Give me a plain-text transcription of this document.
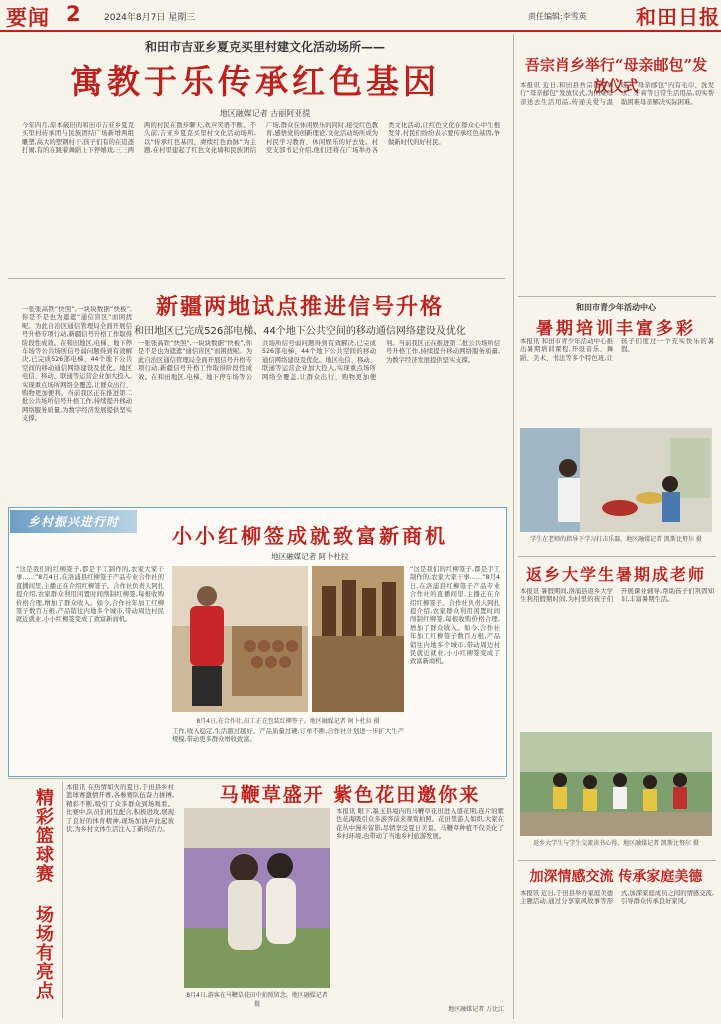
要闻 2	2024年8月7日 星期三	责任编辑:李雪英 和田日报
和田市吉亚乡夏克买里村建文化活动场所——
寓教于乐传承红色基因
地区融媒记者 古丽阿亚提
今年四月,原本破旧的和田市吉亚乡夏克买里村传承团与民族团结广场新增两组雕塑,高大的塑钢村干,孩子们有的在追逐打闹,有的在跳着舞蹈上下停嬉戏,三三两两的村民在散步聊天,欢声笑语不断。不久前,吉亚乡夏克买里村文化活动场所,以“传承红色基因、赓续红色血脉”为主题,在村里建起了红色文化墙和民族团结广场,群众在休闲娱乐的同时,接受红色教育,感悟党的创新理论,文化活动场所成为村民学习教育、休闲娱乐的好去处。村党支部书记介绍,他们还将在广场举办各类文化活动,让红色文化在群众心中生根发芽,村民们纷纷表示要传承红色基因,争做新时代的好村民。
新疆两地试点推进信号升格
和田地区已完成526部电梯、44个地下公共空间的移动通信网络建设及优化
一张张高铁“快照”,一块块数据“快板”,你是不是也为遮遮“通信盲区”而困扰呢。为此自治区通信管理局全面开展信号升格专项行动,新疆信号升格工作取得阶段性成效。在和田地区,电梯、地下停车场等公共场所信号弱问题得到有效解决,已完成526部电梯、44个地下公共空间的移动通信网络建设及优化。地区电信、移动、联通等运营企业加大投入,实现重点场所网络全覆盖,让群众出行、购物更加便利。当前我区正在推进第二批公共场所信号升格工作,持续提升移动网络服务质量,为数字经济发展提供坚实支撑。
一张张高铁“快照”,一块块数据“快板”,你是不是也为遮遮“通信盲区”而困扰呢。为此自治区通信管理局全面开展信号升格专项行动,新疆信号升格工作取得阶段性成效。在和田地区,电梯、地下停车场等公共场所信号弱问题得到有效解决,已完成526部电梯、44个地下公共空间的移动通信网络建设及优化。地区电信、移动、联通等运营企业加大投入,实现重点场所网络全覆盖,让群众出行、购物更加便利。当前我区正在推进第二批公共场所信号升格工作,持续提升移动网络服务质量,为数字经济发展提供坚实支撑。
乡村振兴进行时
小小红柳签成就致富新商机
地区融媒记者 阿卜杜拉
“这是我们的红柳签子,都是手工制作的,农家大家干事……”8月4日,在洛浦县红柳签子产品专业合作社的直播间里,主播正在介绍红柳签子。合作社负责人阿扎提介绍,农家群众利用闲置时间削制红柳签,每根收购价格合理,增加了群众收入。如今,合作社年加工红柳签子数百万根,产品销往内地多个城市,带动周边村民就近就业,小小红柳签变成了致富新商机。
8月4日,在合作社,员工正在包装红柳签子。地区融媒记者 阿卜杜拉 摄
工作,收入稳定,生活越过越好。产品质量过硬,订单不断,合作社计划进一步扩大生产规模,带动更多群众增收致富。
“这是我们的红柳签子,都是手工制作的,农家大家干事……”8月4日,在洛浦县红柳签子产品专业合作社的直播间里,主播正在介绍红柳签子。合作社负责人阿扎提介绍,农家群众利用闲置时间削制红柳签,每根收购价格合理,增加了群众收入。如今,合作社年加工红柳签子数百万根,产品销往内地多个城市,带动周边村民就近就业,小小红柳签变成了致富新商机。
精彩篮球赛 场场有亮点
本报讯 在热情如火的夏日,于田县乡村篮球赛激情开赛,各参赛队伍奋力拼搏,精彩不断,吸引了众多群众到场观看。比赛中,队员们相互配合,积极进攻,展现了良好的体育精神,现场加油声此起彼伏,为乡村文体生活注入了新的活力。
马鞭草盛开 紫色花田邀你来
8月4日,游客在马鞭草花田中拍照留念。地区融媒记者 摄
本报讯 眼下,墨玉县境内的马鞭草花田进入盛花期,连片的紫色花海吸引众多游客前来观赏拍照。花田里游人如织,大家在花丛中漫步留影,尽情享受夏日美景。马鞭草种植不仅美化了乡村环境,也带动了当地乡村旅游发展。
地区融媒记者 万比江
吾宗肖乡举行“母亲邮包”发放仪式
本报讯 近日,和田县吾宗肖乡举行“母亲邮包”发放仪式,为困难母亲送去生活用品,传递关爱与温暖。“母亲邮包”内有毛巾、洗发水、牙膏等日常生活用品,切实帮助困难母亲解决实际困难。
和田市青少年活动中心
暑期培训丰富多彩
本报讯 和田市青少年活动中心推出暑期培训课程,开设音乐、舞蹈、美术、书法等多个特色班,让孩子们度过一个充实快乐的暑假。
学生在老师的指导下学习打击乐器。地区融媒记者 凯斯比努尔 摄
返乡大学生暑期成老师
本报讯 暑假期间,洛浦县返乡大学生利用假期时间,为村里的孩子们开展课业辅导,帮助孩子们巩固知识,丰富暑期生活。
返乡大学生与学生交流读书心得。地区融媒记者 凯斯比努尔 摄
加深情感交流 传承家庭美德
本报讯 近日,于田县举办家庭美德主题活动,通过分享家风故事等形式,加深家庭成员之间的情感交流,引导群众传承良好家风。
